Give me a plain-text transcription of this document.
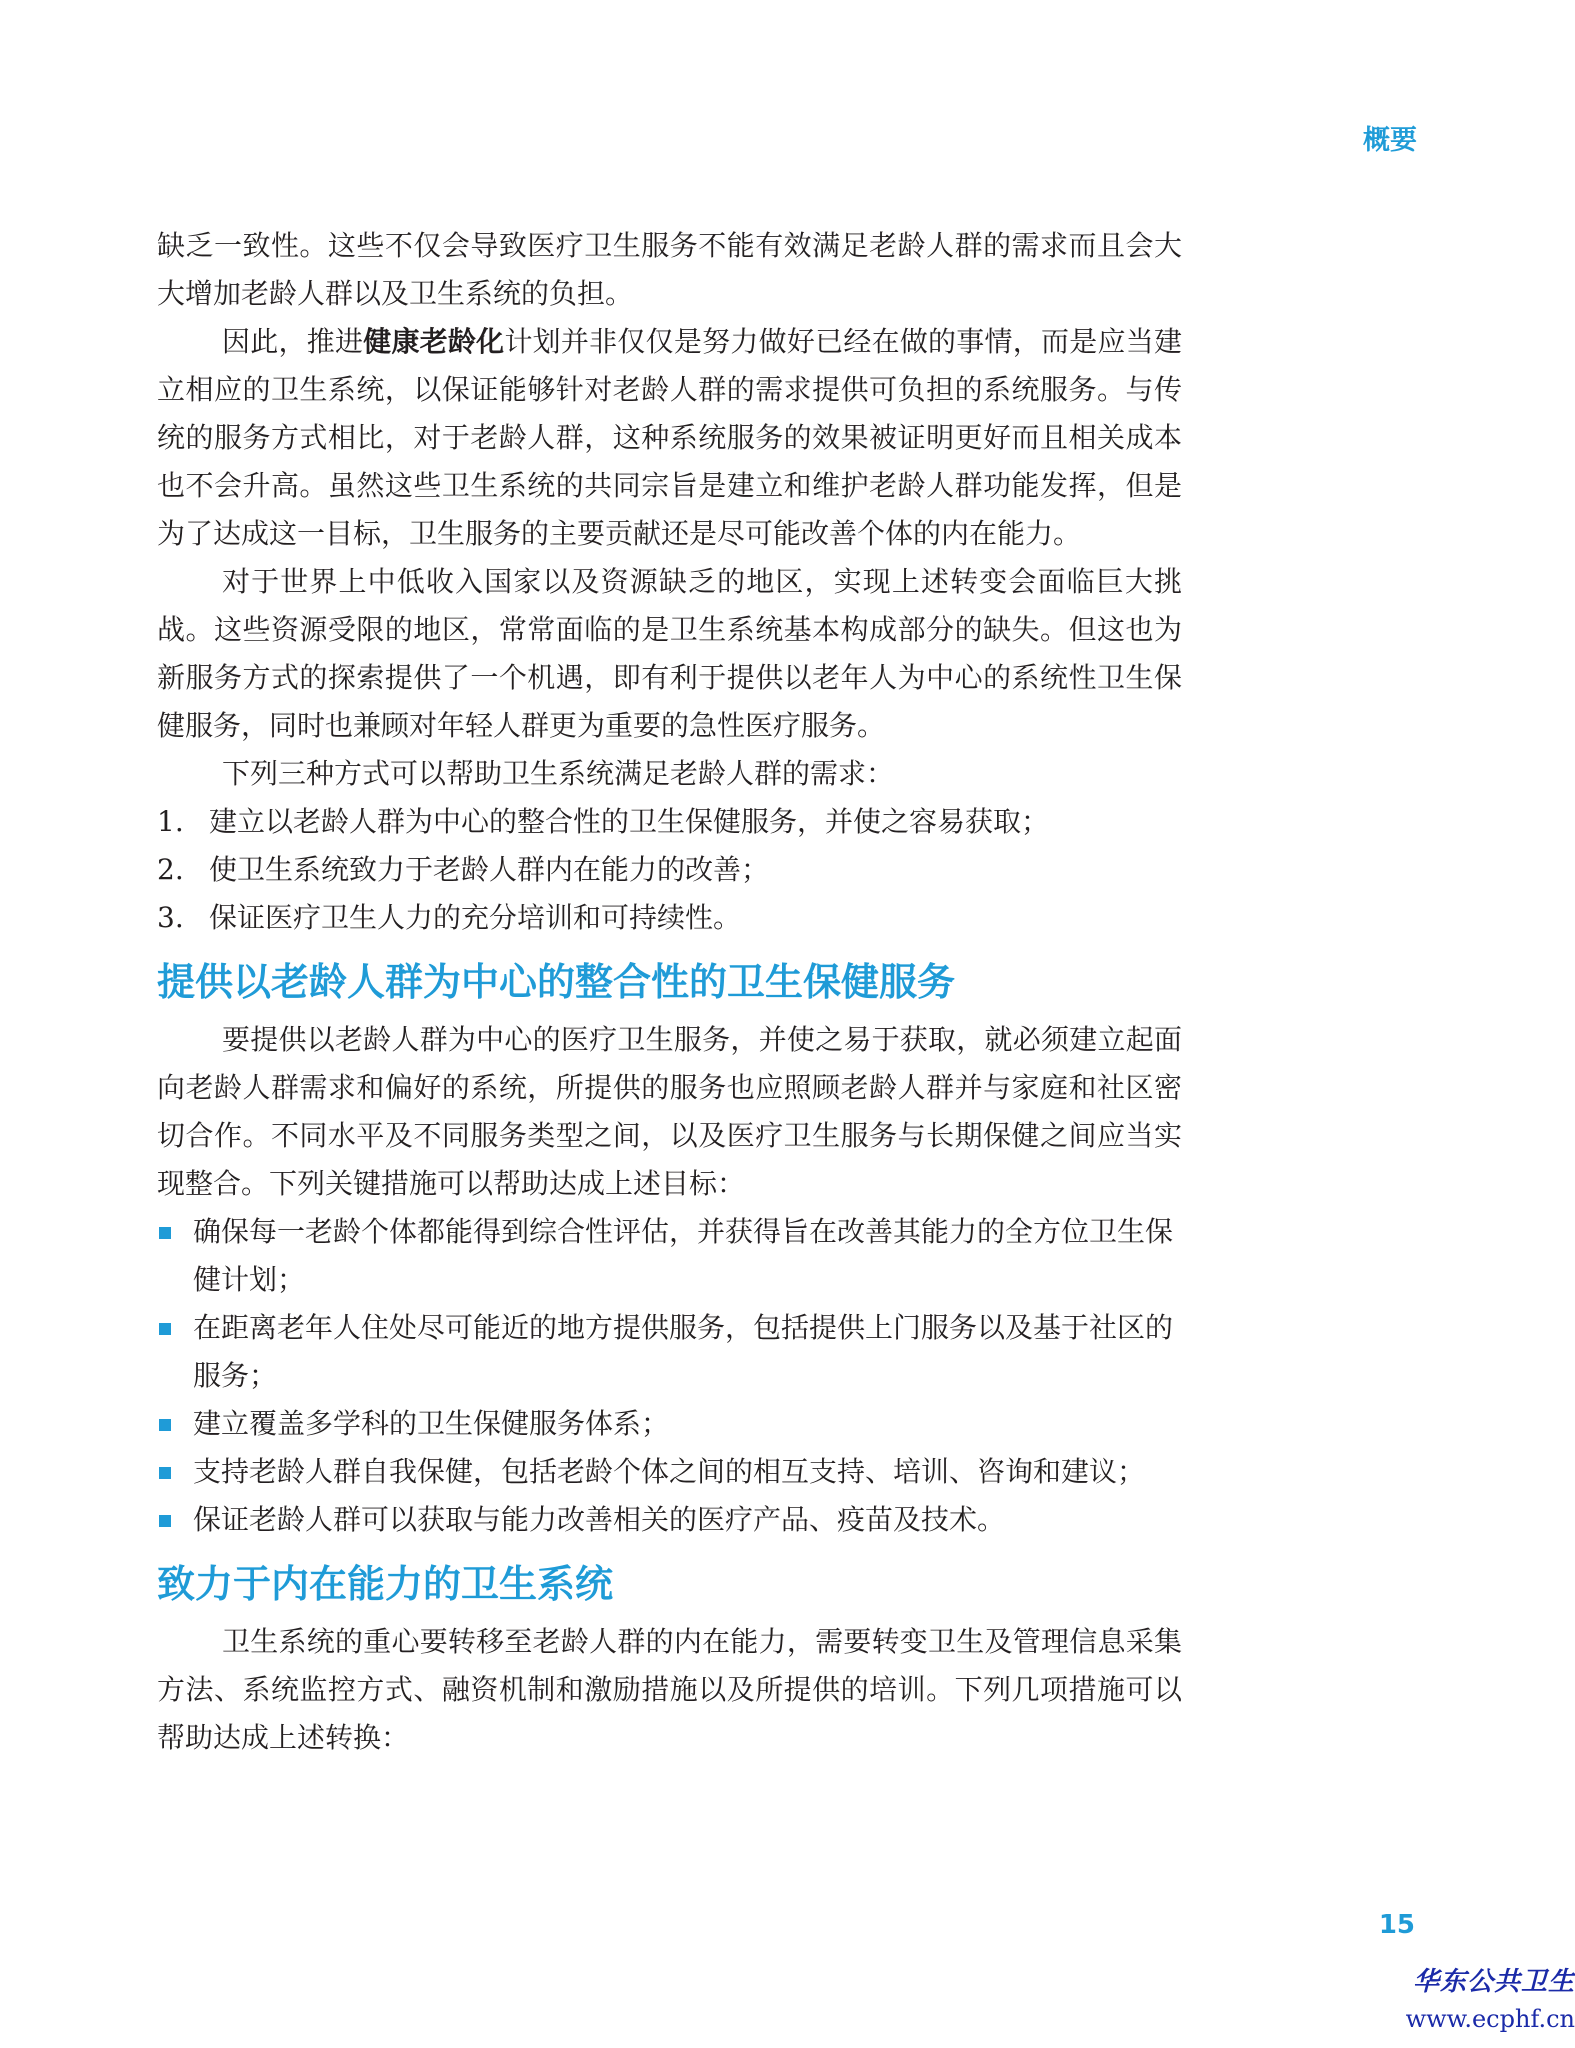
概要

缺乏一致性。这些不仅会导致医疗卫生服务不能有效满足老龄人群的需求而且会大大增加老龄人群以及卫生系统的负担。

因此，推进健康老龄化计划并非仅仅是努力做好已经在做的事情，而是应当建立相应的卫生系统，以保证能够针对老龄人群的需求提供可负担的系统服务。与传统的服务方式相比，对于老龄人群，这种系统服务的效果被证明更好而且相关成本也不会升高。虽然这些卫生系统的共同宗旨是建立和维护老龄人群功能发挥，但是为了达成这一目标，卫生服务的主要贡献还是尽可能改善个体的内在能力。

对于世界上中低收入国家以及资源缺乏的地区，实现上述转变会面临巨大挑战。这些资源受限的地区，常常面临的是卫生系统基本构成部分的缺失。但这也为新服务方式的探索提供了一个机遇，即有利于提供以老年人为中心的系统性卫生保健服务，同时也兼顾对年轻人群更为重要的急性医疗服务。

下列三种方式可以帮助卫生系统满足老龄人群的需求：

1. 建立以老龄人群为中心的整合性的卫生保健服务，并使之容易获取；
2. 使卫生系统致力于老龄人群内在能力的改善；
3. 保证医疗卫生人力的充分培训和可持续性。
提供以老龄人群为中心的整合性的卫生保健服务

要提供以老龄人群为中心的医疗卫生服务，并使之易于获取，就必须建立起面向老龄人群需求和偏好的系统，所提供的服务也应照顾老龄人群并与家庭和社区密切合作。不同水平及不同服务类型之间，以及医疗卫生服务与长期保健之间应当实现整合。下列关键措施可以帮助达成上述目标：

确保每一老龄个体都能得到综合性评估，并获得旨在改善其能力的全方位卫生保健计划；
在距离老年人住处尽可能近的地方提供服务，包括提供上门服务以及基于社区的服务；
建立覆盖多学科的卫生保健服务体系；
支持老龄人群自我保健，包括老龄个体之间的相互支持、培训、咨询和建议；
保证老龄人群可以获取与能力改善相关的医疗产品、疫苗及技术。
致力于内在能力的卫生系统

卫生系统的重心要转移至老龄人群的内在能力，需要转变卫生及管理信息采集方法、系统监控方式、融资机制和激励措施以及所提供的培训。下列几项措施可以帮助达成上述转换：

15
华东公共卫生
www.ecphf.cn
